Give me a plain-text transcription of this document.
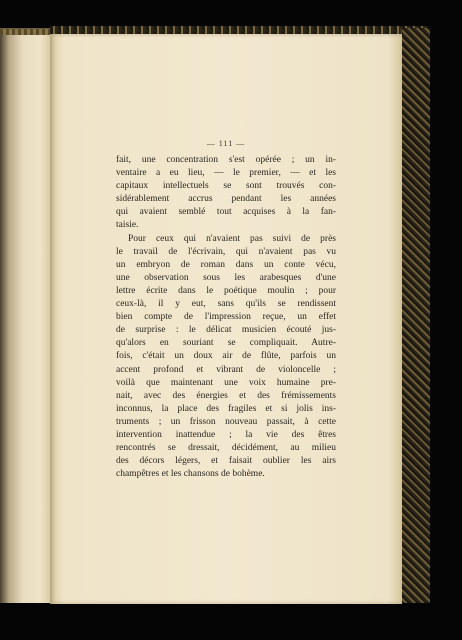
— 111 —
fait, une concentration s'est opérée ; un in-
ventaire a eu lieu, — le premier, — et les
capitaux intellectuels se sont trouvés con-
sidérablement accrus pendant les années
qui avaient semblé tout acquises à la fan-
taisie.
Pour ceux qui n'avaient pas suivi de près
le travail de l'écrivain, qui n'avaient pas vu
un embryon de roman dans un conte vécu,
une observation sous les arabesques d'une
lettre écrite dans le poétique moulin ; pour
ceux-là, il y eut, sans qu'ils se rendissent
bien compte de l'impression reçue, un effet
de surprise : le délicat musicien écouté jus-
qu'alors en souriant se compliquait. Autre-
fois, c'était un doux air de flûte, parfois un
accent profond et vibrant de violoncelle ;
voilà que maintenant une voix humaine pre-
nait, avec des énergies et des frémissements
inconnus, la place des fragiles et si jolis ins-
truments ; un frisson nouveau passait, à cette
intervention inattendue ; la vie des êtres
rencontrés se dressait, décidément, au milieu
des décors légers, et faisait oublier les airs
champêtres et les chansons de bohème.
